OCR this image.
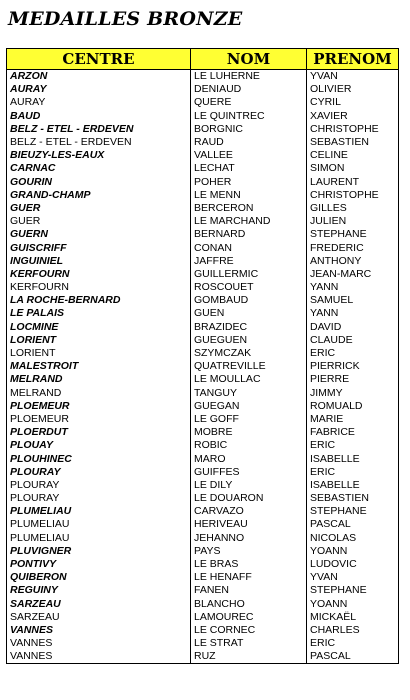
MEDAILLES BRONZE
CENTRE	NOM	PRENOM
ARZON	LE LUHERNE	YVAN
AURAY	DENIAUD	OLIVIER
AURAY	QUERE	CYRIL
BAUD	LE QUINTREC	XAVIER
BELZ - ETEL - ERDEVEN	BORGNIC	CHRISTOPHE
BELZ - ETEL - ERDEVEN	RAUD	SEBASTIEN
BIEUZY-LES-EAUX	VALLEE	CELINE
CARNAC	LECHAT	SIMON
GOURIN	POHER	LAURENT
GRAND-CHAMP	LE MENN	CHRISTOPHE
GUER	BERCERON	GILLES
GUER	LE MARCHAND	JULIEN
GUERN	BERNARD	STEPHANE
GUISCRIFF	CONAN	FREDERIC
INGUINIEL	JAFFRE	ANTHONY
KERFOURN	GUILLERMIC	JEAN-MARC
KERFOURN	ROSCOUET	YANN
LA ROCHE-BERNARD	GOMBAUD	SAMUEL
LE PALAIS	GUEN	YANN
LOCMINE	BRAZIDEC	DAVID
LORIENT	GUEGUEN	CLAUDE
LORIENT	SZYMCZAK	ERIC
MALESTROIT	QUATREVILLE	PIERRICK
MELRAND	LE MOULLAC	PIERRE
MELRAND	TANGUY	JIMMY
PLOEMEUR	GUEGAN	ROMUALD
PLOEMEUR	LE GOFF	MARIE
PLOERDUT	MOBRE	FABRICE
PLOUAY	ROBIC	ERIC
PLOUHINEC	MARO	ISABELLE
PLOURAY	GUIFFES	ERIC
PLOURAY	LE DILY	ISABELLE
PLOURAY	LE DOUARON	SEBASTIEN
PLUMELIAU	CARVAZO	STEPHANE
PLUMELIAU	HERIVEAU	PASCAL
PLUMELIAU	JEHANNO	NICOLAS
PLUVIGNER	PAYS	YOANN
PONTIVY	LE BRAS	LUDOVIC
QUIBERON	LE HENAFF	YVAN
REGUINY	FANEN	STEPHANE
SARZEAU	BLANCHO	YOANN
SARZEAU	LAMOUREC	MICKAËL
VANNES	LE CORNEC	CHARLES
VANNES	LE STRAT	ERIC
VANNES	RUZ	PASCAL
